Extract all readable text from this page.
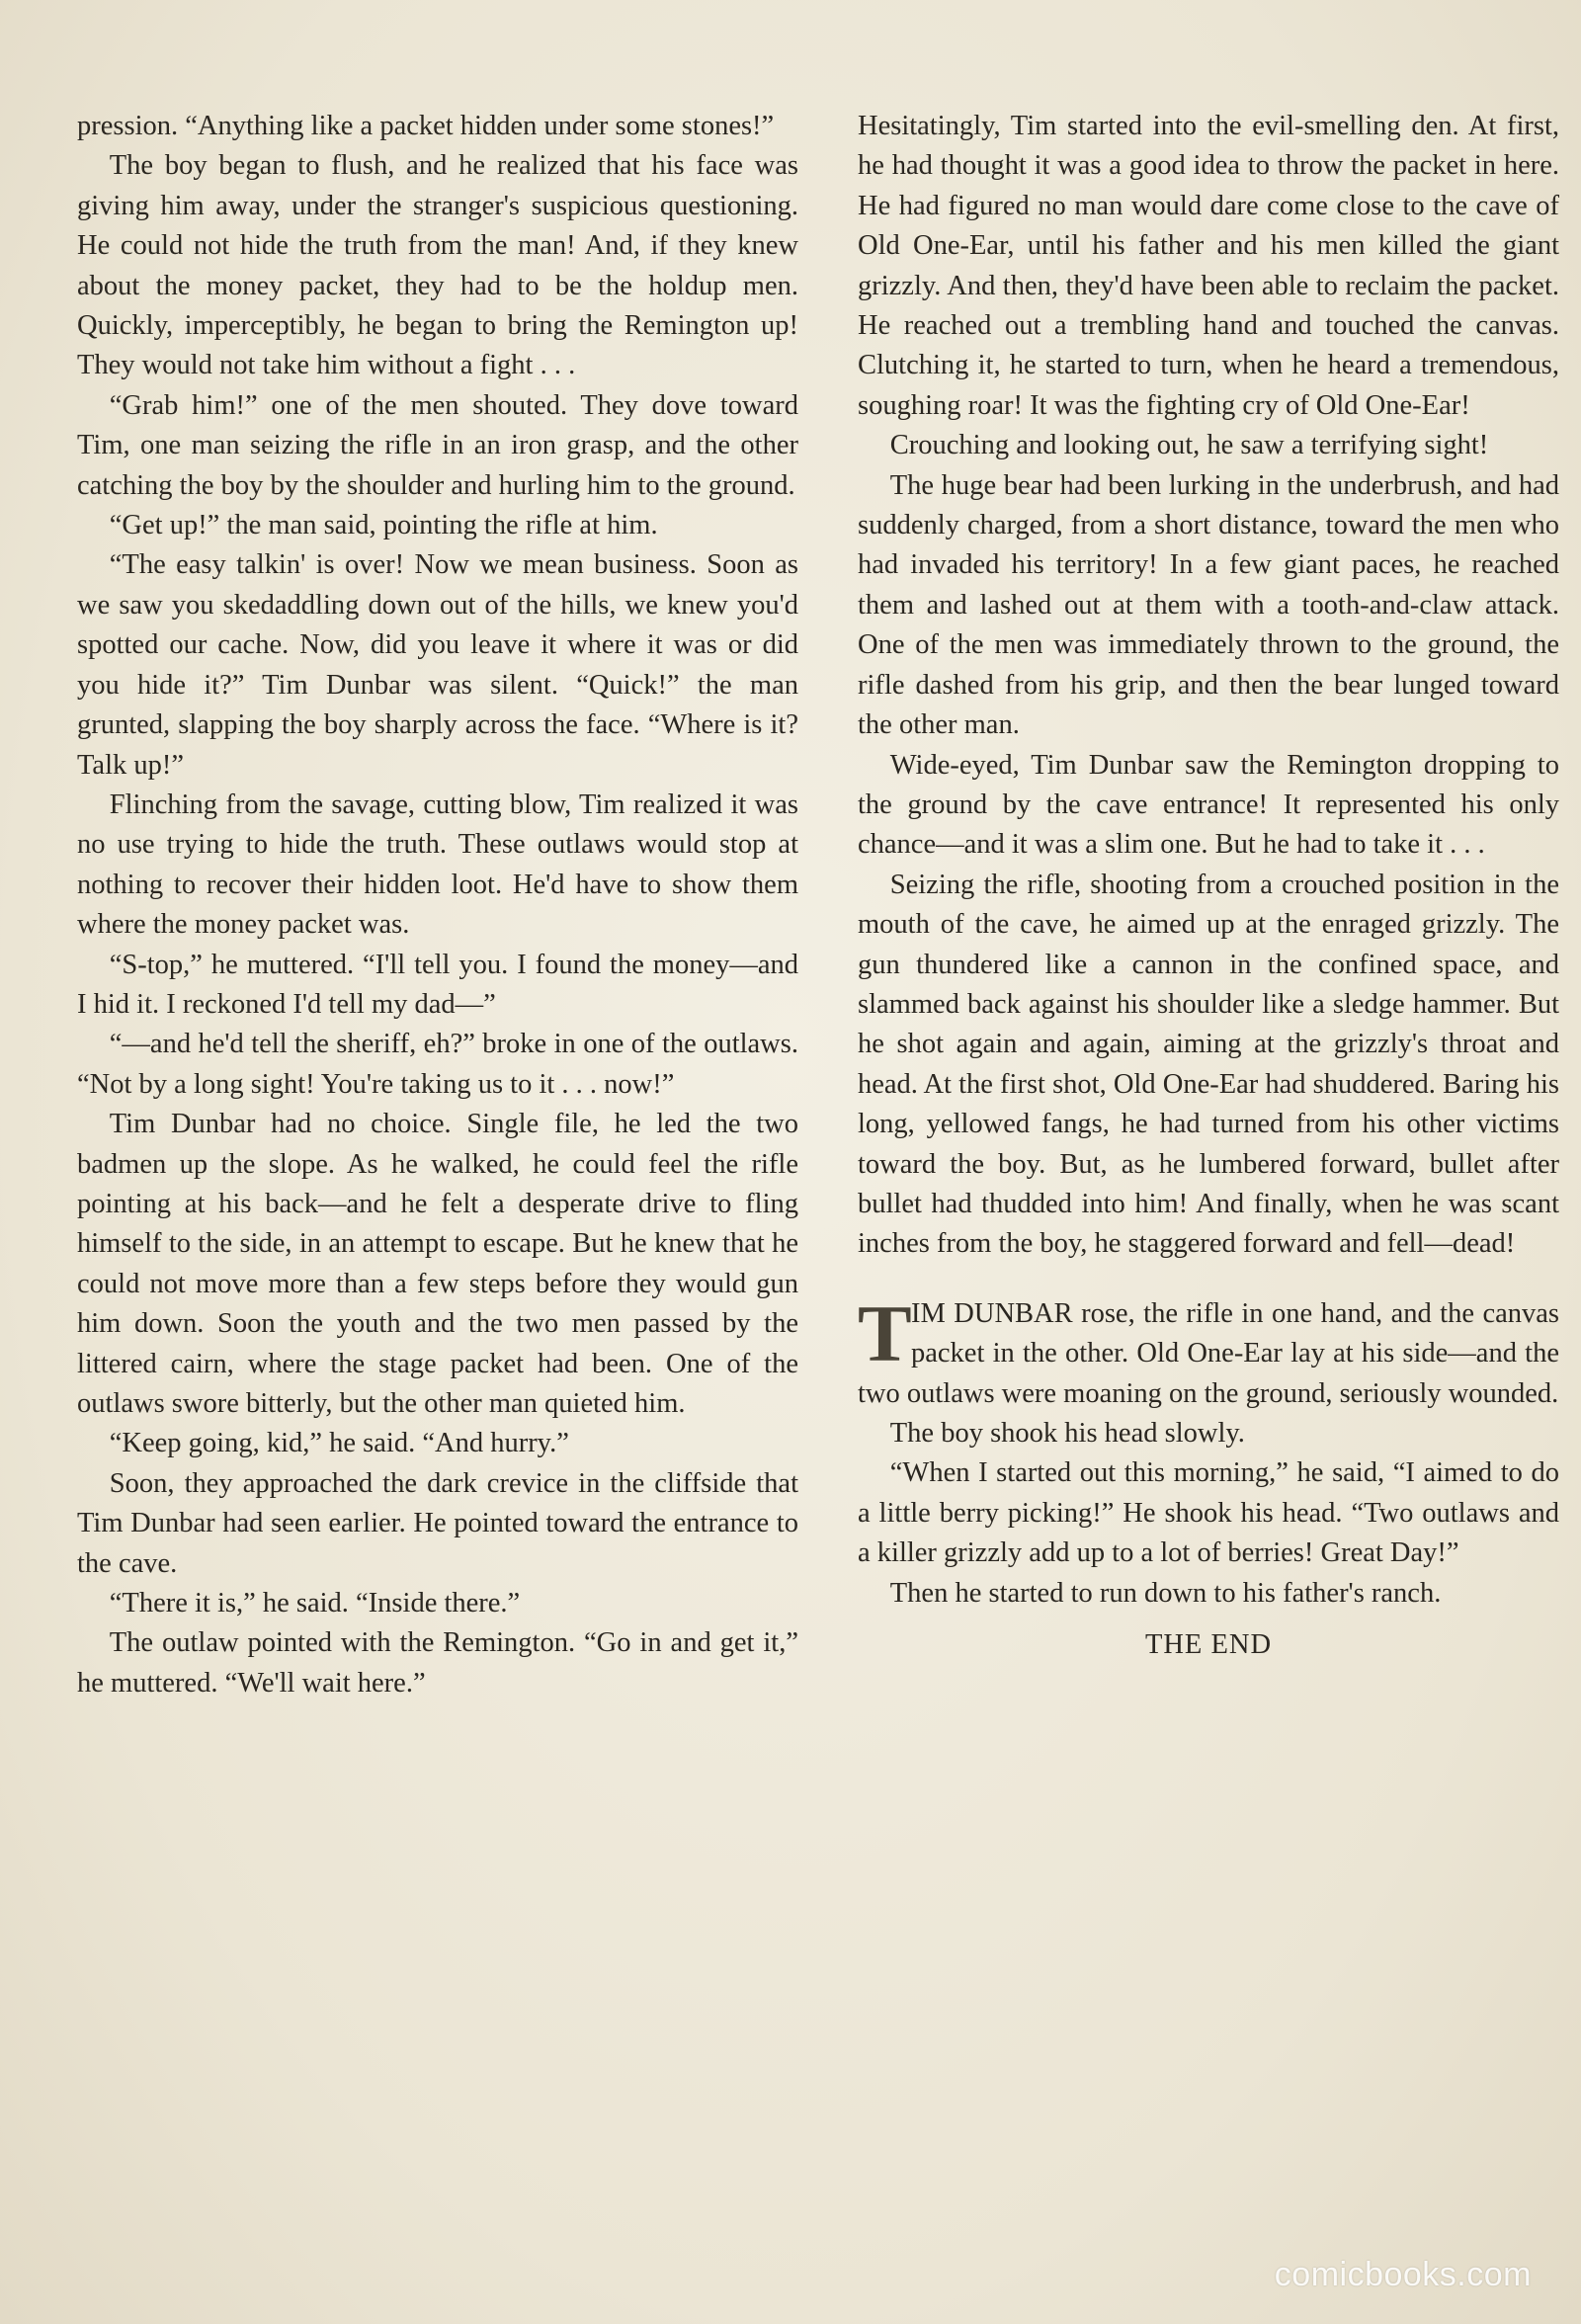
pression. “Anything like a packet hidden under some stones!”

The boy began to flush, and he realized that his face was giving him away, under the stranger's suspicious questioning. He could not hide the truth from the man! And, if they knew about the money packet, they had to be the holdup men. Quickly, imperceptibly, he began to bring the Remington up! They would not take him without a fight . . .

“Grab him!” one of the men shouted. They dove toward Tim, one man seizing the rifle in an iron grasp, and the other catching the boy by the shoulder and hurling him to the ground.

“Get up!” the man said, pointing the rifle at him.

“The easy talkin' is over! Now we mean business. Soon as we saw you skedaddling down out of the hills, we knew you'd spotted our cache. Now, did you leave it where it was or did you hide it?” Tim Dunbar was silent. “Quick!” the man grunted, slapping the boy sharply across the face. “Where is it? Talk up!”

Flinching from the savage, cutting blow, Tim realized it was no use trying to hide the truth. These outlaws would stop at nothing to recover their hidden loot. He'd have to show them where the money packet was.

“S-top,” he muttered. “I'll tell you. I found the money—and I hid it. I reckoned I'd tell my dad—”

“—and he'd tell the sheriff, eh?” broke in one of the outlaws. “Not by a long sight! You're taking us to it . . . now!”

Tim Dunbar had no choice. Single file, he led the two badmen up the slope. As he walked, he could feel the rifle pointing at his back—and he felt a desperate drive to fling himself to the side, in an attempt to escape. But he knew that he could not move more than a few steps before they would gun him down. Soon the youth and the two men passed by the littered cairn, where the stage packet had been. One of the outlaws swore bitterly, but the other man quieted him.

“Keep going, kid,” he said. “And hurry.”

Soon, they approached the dark crevice in the cliffside that Tim Dunbar had seen earlier. He pointed toward the entrance to the cave.

“There it is,” he said. “Inside there.”

The outlaw pointed with the Remington. “Go in and get it,” he muttered. “We'll wait here.”

Hesitatingly, Tim started into the evil-smelling den. At first, he had thought it was a good idea to throw the packet in here. He had figured no man would dare come close to the cave of Old One-Ear, until his father and his men killed the giant grizzly. And then, they'd have been able to reclaim the packet. He reached out a trembling hand and touched the canvas. Clutching it, he started to turn, when he heard a tremendous, soughing roar! It was the fighting cry of Old One-Ear!

Crouching and looking out, he saw a terrifying sight!

The huge bear had been lurking in the underbrush, and had suddenly charged, from a short distance, toward the men who had invaded his territory! In a few giant paces, he reached them and lashed out at them with a tooth-and-claw attack. One of the men was immediately thrown to the ground, the rifle dashed from his grip, and then the bear lunged toward the other man.

Wide-eyed, Tim Dunbar saw the Remington dropping to the ground by the cave entrance! It represented his only chance—and it was a slim one. But he had to take it . . .

Seizing the rifle, shooting from a crouched position in the mouth of the cave, he aimed up at the enraged grizzly. The gun thundered like a cannon in the confined space, and slammed back against his shoulder like a sledge hammer. But he shot again and again, aiming at the grizzly's throat and head. At the first shot, Old One-Ear had shuddered. Baring his long, yellowed fangs, he had turned from his other victims toward the boy. But, as he lumbered forward, bullet after bullet had thudded into him! And finally, when he was scant inches from the boy, he staggered forward and fell—dead!

TIM DUNBAR rose, the rifle in one hand, and the canvas packet in the other. Old One-Ear lay at his side—and the two outlaws were moaning on the ground, seriously wounded.

The boy shook his head slowly.

“When I started out this morning,” he said, “I aimed to do a little berry picking!” He shook his head. “Two outlaws and a killer grizzly add up to a lot of berries! Great Day!”

Then he started to run down to his father's ranch.

THE END

comicbooks.com
